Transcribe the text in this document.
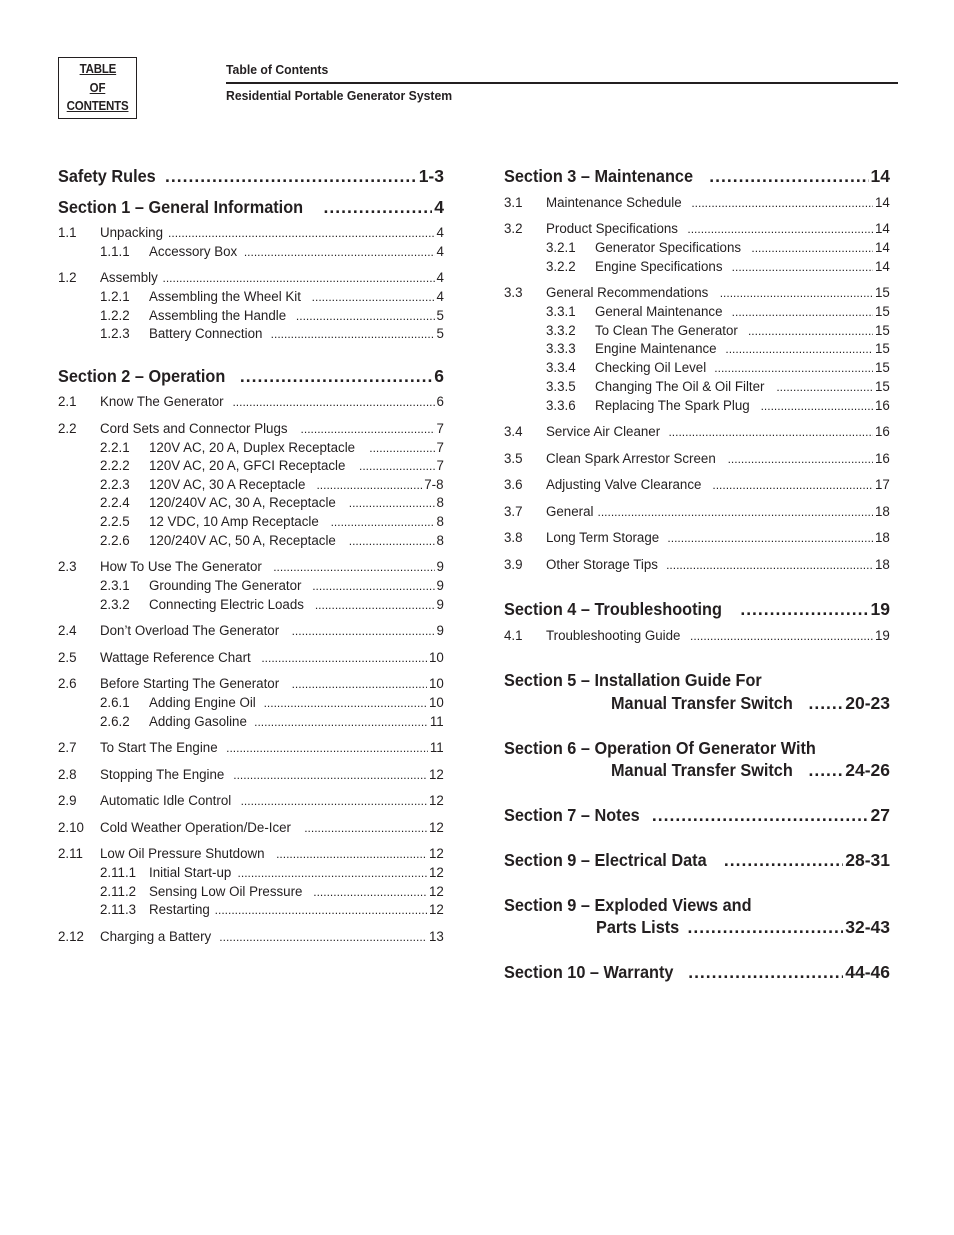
TABLE
OF
CONTENTS
Table of Contents
Residential Portable Generator System
Safety Rules .....	1-3
Section 1 – General Information .....	4
1.1 Unpacking .....	4
1.1.1 Accessory Box .....	4
1.2 Assembly .....	4
1.2.1 Assembling the Wheel Kit .....	4
1.2.2 Assembling the Handle .....	5
1.2.3 Battery Connection .....	5
Section 2 – Operation .....	6
2.1 Know The Generator .....	6
2.2 Cord Sets and Connector Plugs .....	7
2.2.1 120V AC, 20 A, Duplex Receptacle .....	7
2.2.2 120V AC, 20 A, GFCI Receptacle .....	7
2.2.3 120V AC, 30 A Receptacle .....	7-8
2.2.4 120/240V AC, 30 A, Receptacle .....	8
2.2.5 12 VDC, 10 Amp Receptacle .....	8
2.2.6 120/240V AC, 50 A, Receptacle .....	8
2.3 How To Use The Generator .....	9
2.3.1 Grounding The Generator .....	9
2.3.2 Connecting Electric Loads .....	9
2.4 Don’t Overload The Generator .....	9
2.5 Wattage Reference Chart .....	10
2.6 Before Starting The Generator .....	10
2.6.1 Adding Engine Oil .....	10
2.6.2 Adding Gasoline .....	11
2.7 To Start The Engine .....	11
2.8 Stopping The Engine .....	12
2.9 Automatic Idle Control .....	12
2.10 Cold Weather Operation/De-Icer .....	12
2.11 Low Oil Pressure Shutdown .....	12
2.11.1 Initial Start-up .....	12
2.11.2 Sensing Low Oil Pressure .....	12
2.11.3 Restarting .....	12
2.12 Charging a Battery .....	13
Section 3 – Maintenance .....	14
3.1 Maintenance Schedule .....	14
3.2 Product Specifications .....	14
3.2.1 Generator Specifications .....	14
3.2.2 Engine Specifications .....	14
3.3 General Recommendations .....	15
3.3.1 General Maintenance .....	15
3.3.2 To Clean The Generator .....	15
3.3.3 Engine Maintenance .....	15
3.3.4 Checking Oil Level .....	15
3.3.5 Changing The Oil & Oil Filter .....	15
3.3.6 Replacing The Spark Plug .....	16
3.4 Service Air Cleaner .....	16
3.5 Clean Spark Arrestor Screen .....	16
3.6 Adjusting Valve Clearance .....	17
3.7 General .....	18
3.8 Long Term Storage .....	18
3.9 Other Storage Tips .....	18
Section 4 – Troubleshooting .....	19
4.1 Troubleshooting Guide .....	19
Section 5 – Installation Guide For
Manual Transfer Switch .....	20-23
Section 6 – Operation Of Generator With
Manual Transfer Switch .....	24-26
Section 7 – Notes .....	27
Section 9 – Electrical Data .....	28-31
Section 9 – Exploded Views and
Parts Lists .....	32-43
Section 10 – Warranty .....	44-46
